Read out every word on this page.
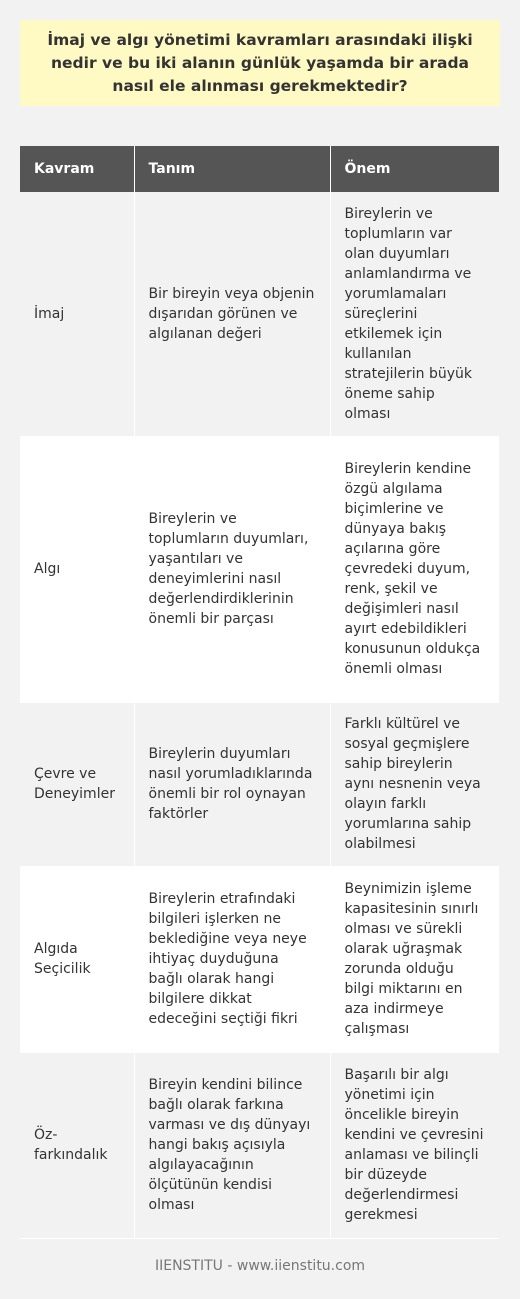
İmaj ve algı yönetimi kavramları arasındaki ilişki nedir ve bu iki alanın günlük yaşamda bir arada nasıl ele alınması gerekmektedir?
Kavram	Tanım	Önem
İmaj	Bir bireyin veya objenin dışarıdan görünen ve algılanan değeri	Bireylerin ve toplumların var olan duyumları anlamlandırma ve yorumlamaları süreçlerini etkilemek için kullanılan stratejilerin büyük öneme sahip olması
Algı	Bireylerin ve toplumların duyumları, yaşantıları ve deneyimlerini nasıl değerlendirdiklerinin önemli bir parçası	Bireylerin kendine özgü algılama biçimlerine ve dünyaya bakış açılarına göre çevredeki duyum, renk, şekil ve değişimleri nasıl ayırt edebildikleri konusunun oldukça önemli olması
Çevre ve Deneyimler	Bireylerin duyumları nasıl yorumladıklarında önemli bir rol oynayan faktörler	Farklı kültürel ve sosyal geçmişlere sahip bireylerin aynı nesnenin veya olayın farklı yorumlarına sahip olabilmesi
Algıda Seçicilik	Bireylerin etrafındaki bilgileri işlerken ne beklediğine veya neye ihtiyaç duyduğuna bağlı olarak hangi bilgilere dikkat edeceğini seçtiği fikri	Beynimizin işleme kapasitesinin sınırlı olması ve sürekli olarak uğraşmak zorunda olduğu bilgi miktarını en aza indirmeye çalışması
Öz-farkındalık	Bireyin kendini bilince bağlı olarak farkına varması ve dış dünyayı hangi bakış açısıyla algılayacağının ölçütünün kendisi olması	Başarılı bir algı yönetimi için öncelikle bireyin kendini ve çevresini anlaması ve bilinçli bir düzeyde değerlendirmesi gerekmesi
IIENSTITU - www.iienstitu.com
